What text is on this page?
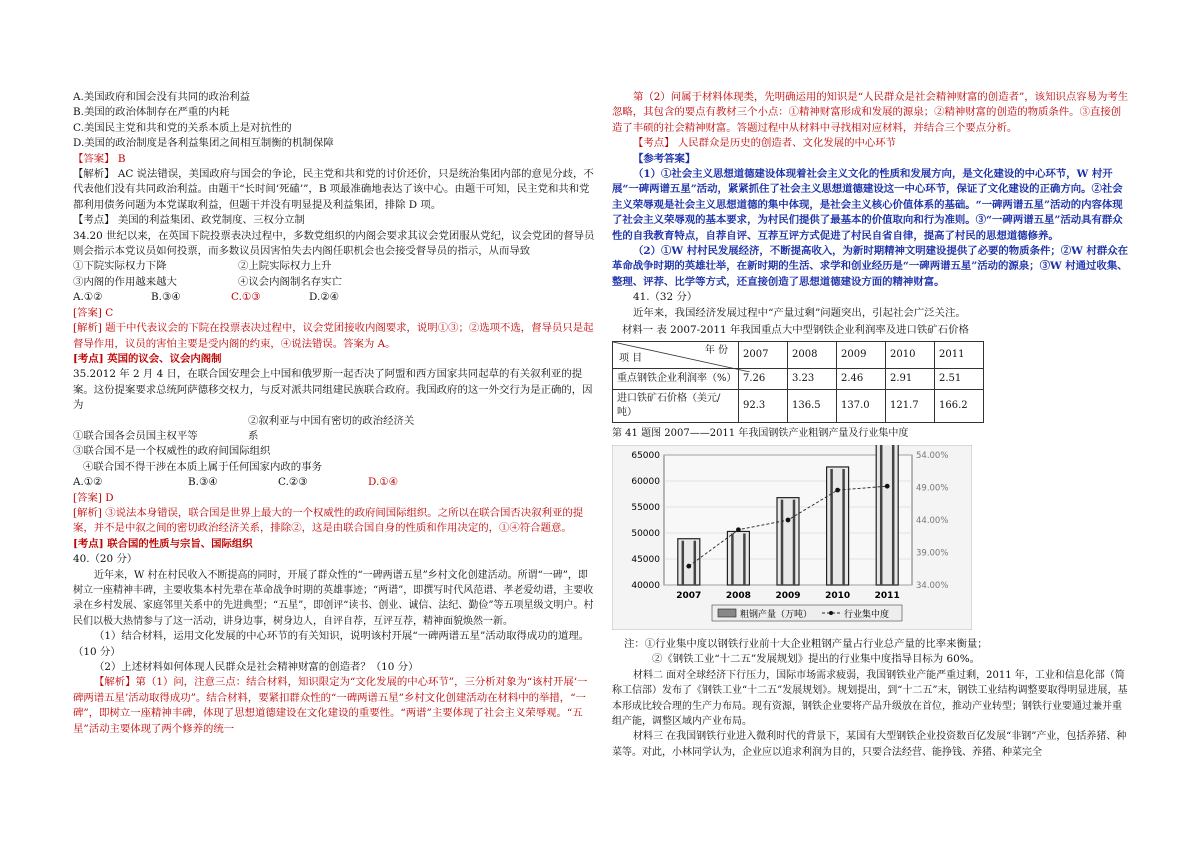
A.美国政府和国会没有共同的政治利益

B.美国的政治体制存在严重的内耗

C.美国民主党和共和党的关系本质上是对抗性的

D.美国的政治制度是各利益集团之间相互制衡的机制保障

【答案】 B

【解析】 AC 说法错误，美国政府与国会的争论，民主党和共和党的讨价还价，只是统治集团内部的意见分歧，不代表他们没有共同政治利益。由题干“长时间‘死磕’”，B 项最准确地表达了该中心。由题干可知，民主党和共和党都利用债务问题为本党谋取利益，但题干并没有明显提及利益集团，排除 D 项。

【考点】 美国的利益集团、政党制度、三权分立制

34.20 世纪以来，在英国下院投票表决过程中，多数党组织的内阁会要求其议会党团服从党纪，议会党团的督导员则会指示本党议员如何投票，而多数议员因害怕失去内阁任职机会也会接受督导员的指示，从而导致

①下院实际权力下降	②上院实际权力上升

③内阁的作用越来越大	④议会内阁制名存实亡

A.①②	B.③④	C.①③	D.②④

[答案] C

[解析] 题干中代表议会的下院在投票表决过程中，议会党团接收内阁要求，说明①③；②选项不选，督导员只是起督导作用，议员的害怕主要是受内阁的约束，④说法错误。答案为 A。

[考点] 英国的议会、议会内阁制

35.2012 年 2 月 4 日，在联合国安理会上中国和俄罗斯一起否决了阿盟和西方国家共同起草的有关叙利亚的提案。这份提案要求总统阿萨德移交权力，与反对派共同组建民族联合政府。我国政府的这一外交行为是正确的，因为

①联合国各会员国主权平等②叙利亚与中国有密切的政治经济关系③联合国不是一个权威性的政府间国际组织

④联合国不得干涉在本质上属于任何国家内政的事务

A.①②	B.③④	C.②③	D.①④

[答案] D

[解析] ③说法本身错误，联合国是世界上最大的一个权威性的政府间国际组织。之所以在联合国否决叙利亚的提案，并不是中叙之间的密切政治经济关系，排除②，这是由联合国自身的性质和作用决定的，①④符合题意。

[考点] 联合国的性质与宗旨、国际组织

40.（20 分）

近年来，W 村在村民收入不断提高的同时，开展了群众性的“一碑两谱五星”乡村文化创建活动。所谓“一碑”，即树立一座精神丰碑，主要收集本村先辈在革命战争时期的英雄事迹；“两谱”，即撰写时代风范谱、孝老爱幼谱，主要收录在乡村发展、家庭邻里关系中的先进典型；“五星”，即创评“读书、创业、诚信、法纪、勤俭”等五项星级文明户。村民们以极大热情参与了这一活动，讲身边事，树身边人，自评自荐，互评互荐，精神面貌焕然一新。

（1）结合材料，运用文化发展的中心环节的有关知识，说明该村开展“一碑两谱五星”活动取得成功的道理。（10 分）

（2）上述材料如何体现人民群众是社会精神财富的创造者？（10 分）

【解析】第（1）问，注意三点：结合材料，知识限定为“文化发展的中心环节”，三分析对象为“该村开展‘一碑两谱五星’活动取得成功”。结合材料，要紧扣群众性的“一碑两谱五星”乡村文化创建活动在材料中的举措，“一碑”，即树立一座精神丰碑，体现了思想道德建设在文化建设的重要性。“两谱”主要体现了社会主义荣辱观。“五星”活动主要体现了两个修养的统一

第（2）问属于材料体现类，先明确运用的知识是“人民群众是社会精神财富的创造者”，该知识点容易为考生忽略，其包含的要点有教材三个小点：①精神财富形成和发展的源泉；②精神财富的创造的物质条件。③直接创造了丰硕的社会精神财富。答题过程中从材料中寻找相对应材料，并结合三个要点分析。

【考点】 人民群众是历史的创造者、文化发展的中心环节

【参考答案】

（1）①社会主义思想道德建设体现着社会主义文化的性质和发展方向，是文化建设的中心环节，W 村开展“一碑两谱五星”活动，紧紧抓住了社会主义思想道德建设这一中心环节，保证了文化建设的正确方向。②社会主义荣辱观是社会主义思想道德的集中体现，是社会主义核心价值体系的基础。“一碑两谱五星”活动的内容体现了社会主义荣辱观的基本要求，为村民们提供了最基本的价值取向和行为准则。③“一碑两谱五星”活动具有群众性的自我教育特点，自荐自评、互荐互评方式促进了村民自省自律，提高了村民的思想道德修养。

（2）①W 村村民发展经济，不断提高收入，为新时期精神文明建设提供了必要的物质条件；②W 村群众在革命战争时期的英雄壮举，在新时期的生活、求学和创业经历是“一碑两谱五星”活动的源泉；③W 村通过收集、整理、评荐、比学等方式，还直接创造了思想道德建设方面的精神财富。

41.（32 分）

近年来，我国经济发展过程中“产量过剩”问题突出，引起社会广泛关注。

材料一 表 2007-2011 年我国重点大中型钢铁企业利润率及进口铁矿石价格

年 份
项 目	2007	2008	2009	2010	2011
重点钢铁企业利润率（%）	7.26	3.23	2.46	2.91	2.51
进口铁矿石价格（美元/吨）	92.3	136.5	137.0	121.7	166.2

第 41 题图 2007——2011 年我国钢铁产业粗钢产量及行业集中度

40000
45000
50000
55000
60000
65000
34.00%
39.00%
44.00%
49.00%
54.00%
2007	2008	2009	2010	2011
粗钢产量（万吨）	行业集中度

注：①行业集中度以钢铁行业前十大企业粗钢产量占行业总产量的比率来衡量；

②《钢铁工业“十二五”发展规划》提出的行业集中度指导目标为 60%。

材料二 面对全球经济下行压力，国际市场需求疲弱，我国钢铁业产能严重过剩，2011 年，工业和信息化部（简称工信部）发布了《钢铁工业“十二五”发展规划》。规划提出，到“十二五”末，钢铁工业结构调整要取得明显进展，基本形成比较合理的生产力布局。现有资源，钢铁企业要将产品升级放在首位，推动产业转型；钢铁行业要通过兼并重组产能，调整区域内产业布局。

材料三 在我国钢铁行业进入微利时代的背景下，某国有大型钢铁企业投资数百亿发展“非钢”产业，包括养猪、种菜等。对此，小林同学认为，企业应以追求利润为目的，只要合法经营、能挣钱、养猪、种菜完全
